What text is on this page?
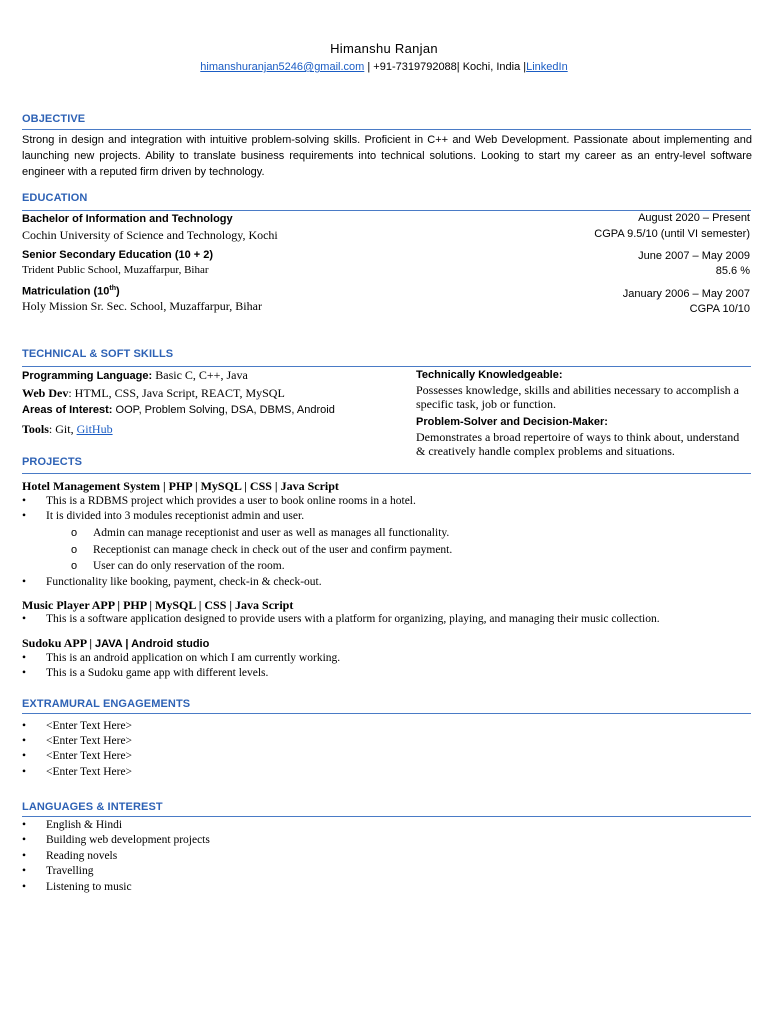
Himanshu Ranjan
himanshuranjan5246@gmail.com | +91-7319792088| Kochi, India |LinkedIn
OBJECTIVE
Strong in design and integration with intuitive problem-solving skills. Proficient in C++ and Web Development. Passionate about implementing and launching new projects. Ability to translate business requirements into technical solutions. Looking to start my career as an entry-level software engineer with a reputed firm driven by technology.
EDUCATION
Bachelor of Information and Technology
Cochin University of Science and Technology, Kochi
August 2020 – Present
CGPA 9.5/10 (until VI semester)
Senior Secondary Education (10 + 2)
Trident Public School, Muzaffarpur, Bihar
June 2007 – May 2009
85.6 %
Matriculation (10th)
Holy Mission Sr. Sec. School, Muzaffarpur, Bihar
January 2006 – May 2007
CGPA 10/10
TECHNICAL & SOFT SKILLS
Programming Language: Basic C, C++, Java
Web Dev: HTML, CSS, Java Script, REACT, MySQL
Areas of Interest: OOP, Problem Solving, DSA, DBMS, Android
Tools: Git, GitHub
Technically Knowledgeable:
Possesses knowledge, skills and abilities necessary to accomplish a
specific task, job or function.
Problem-Solver and Decision-Maker:
Demonstrates a broad repertoire of ways to think about, understand
& creatively handle complex problems and situations.
PROJECTS
Hotel Management System | PHP | MySQL | CSS | Java Script
• This is a RDBMS project which provides a user to book online rooms in a hotel.
• It is divided into 3 modules receptionist admin and user.
o Admin can manage receptionist and user as well as manages all functionality.
o Receptionist can manage check in check out of the user and confirm payment.
o User can do only reservation of the room.
• Functionality like booking, payment, check-in & check-out.
Music Player APP | PHP | MySQL | CSS | Java Script
• This is a software application designed to provide users with a platform for organizing, playing, and managing their music collection.
Sudoku APP | JAVA | Android studio
• This is an android application on which I am currently working.
• This is a Sudoku game app with different levels.
EXTRAMURAL ENGAGEMENTS
• <Enter Text Here>
• <Enter Text Here>
• <Enter Text Here>
• <Enter Text Here>
LANGUAGES & INTEREST
• English & Hindi
• Building web development projects
• Reading novels
• Travelling
• Listening to music
